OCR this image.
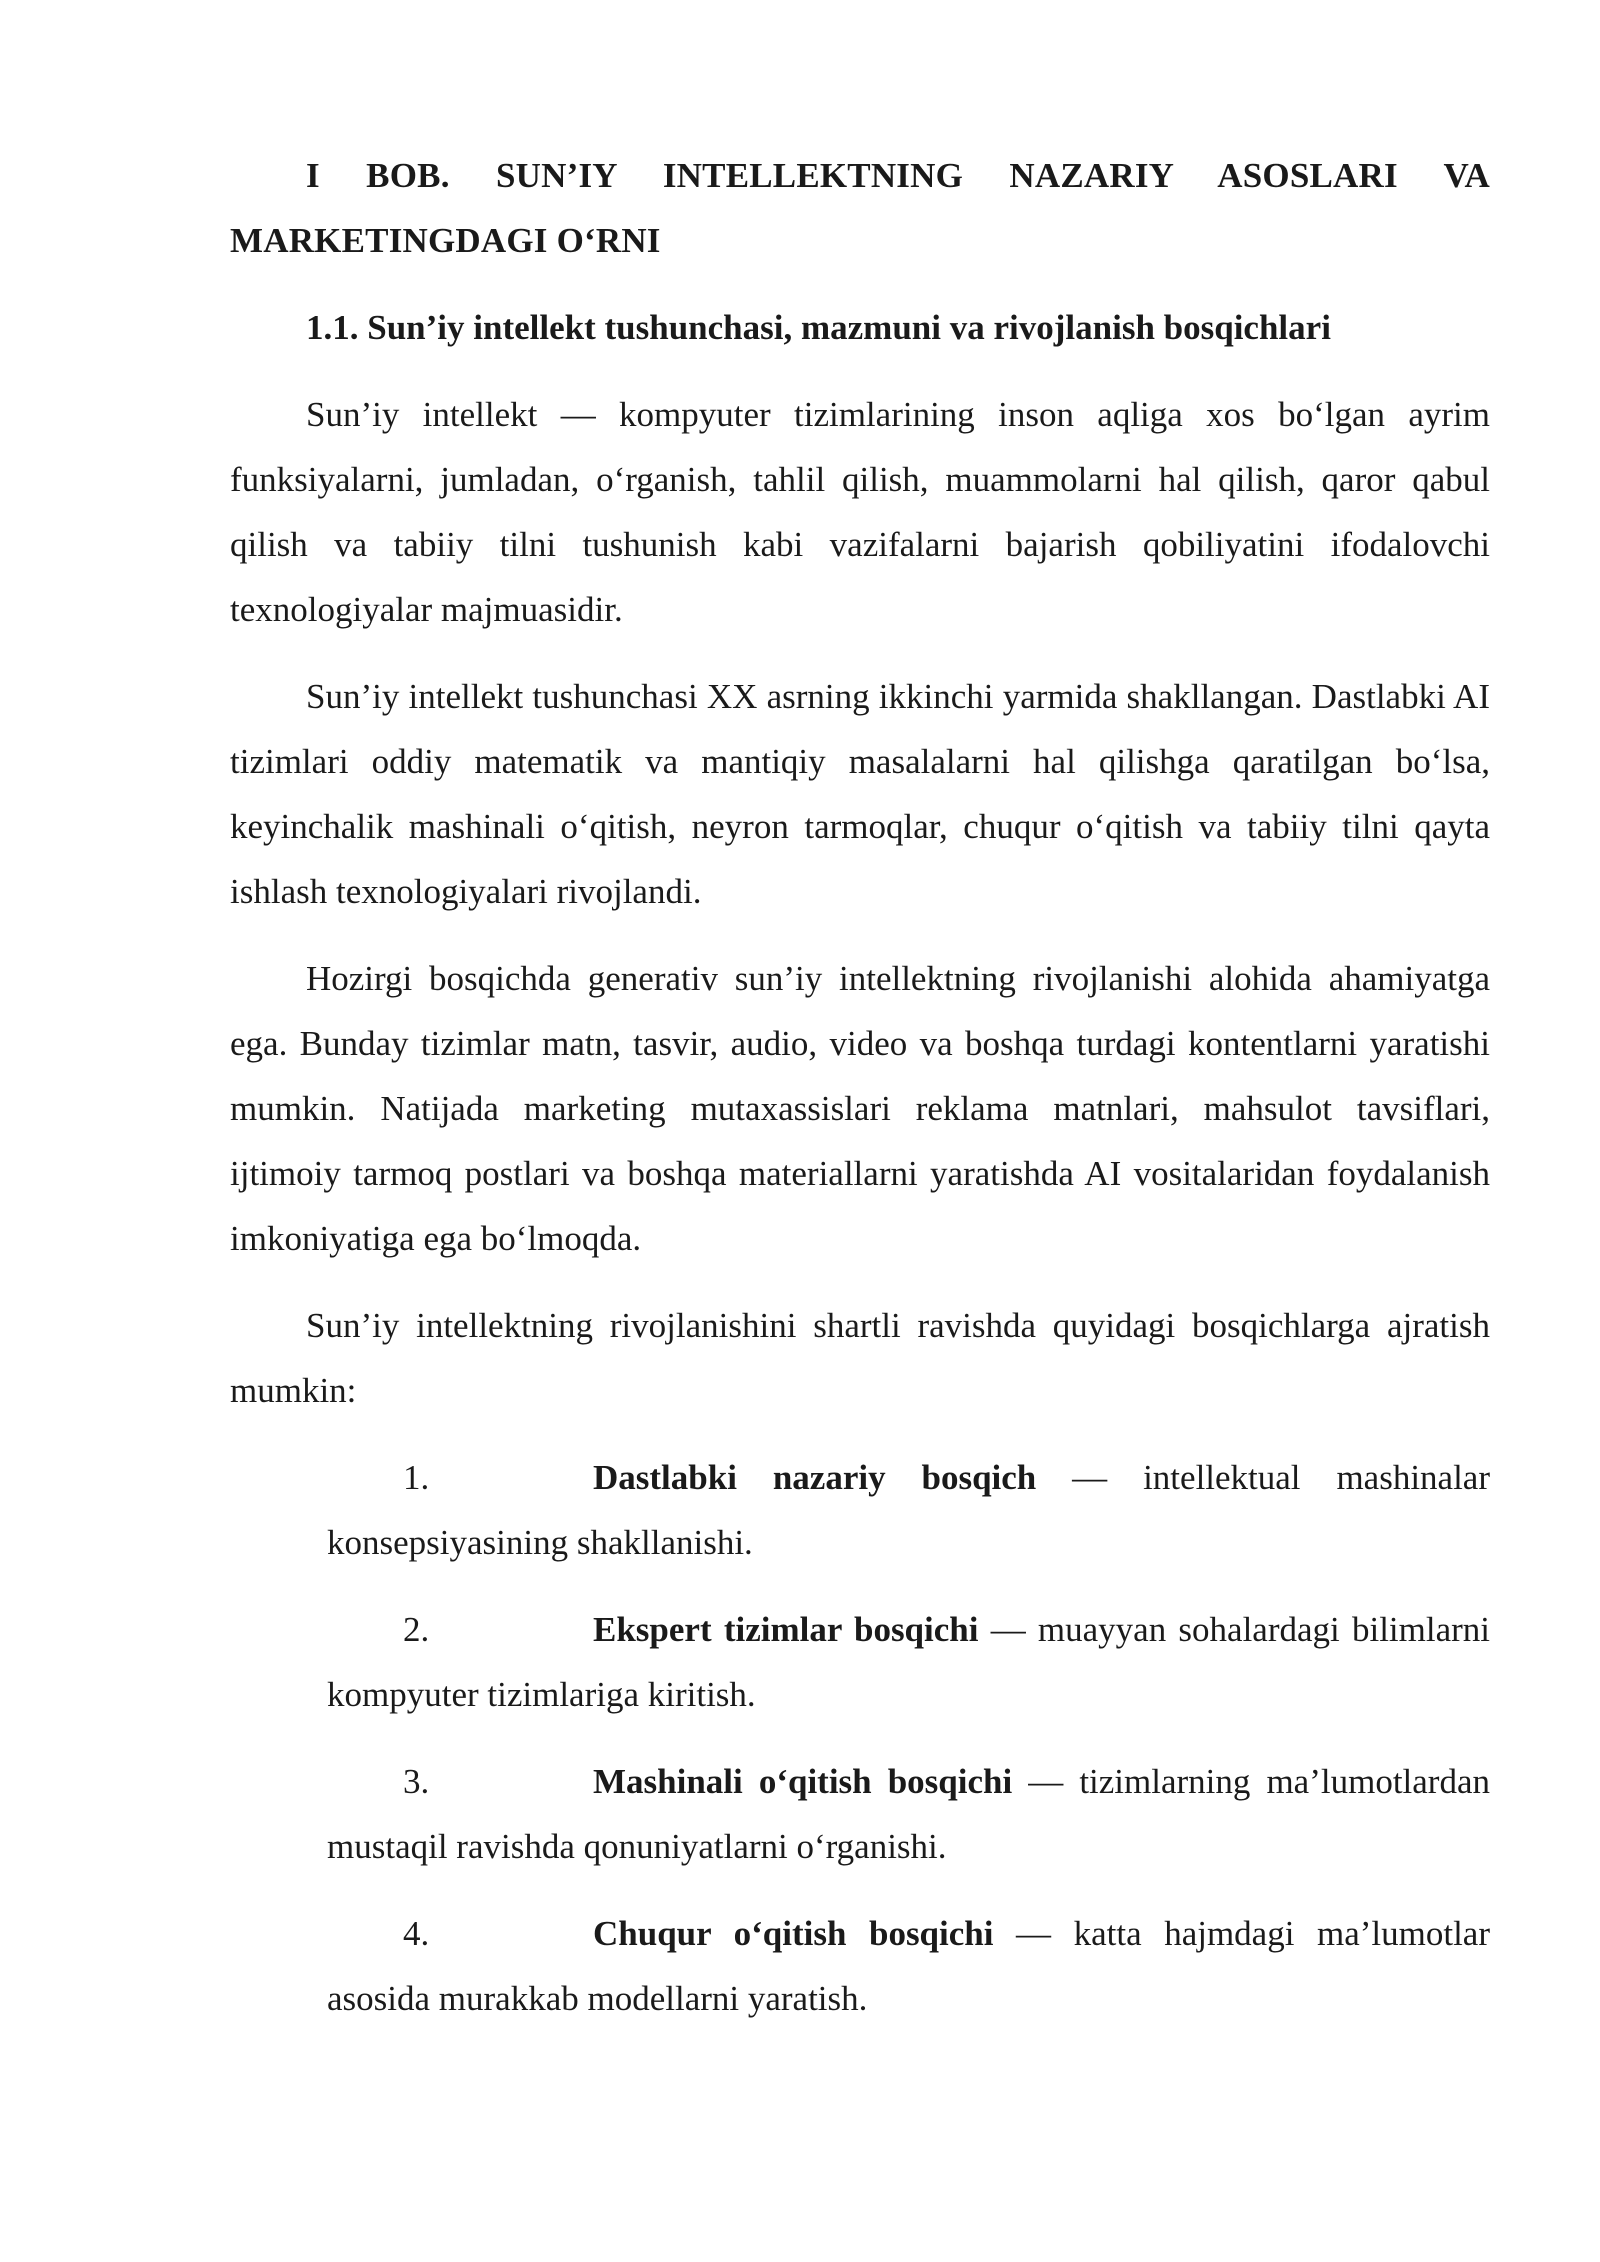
I BOB. SUN’IY INTELLEKTNING NAZARIY ASOSLARI VA MARKETINGDAGI O‘RNI

1.1. Sun’iy intellekt tushunchasi, mazmuni va rivojlanish bosqichlari

Sun’iy intellekt — kompyuter tizimlarining inson aqliga xos bo‘lgan ayrim funksiyalarni, jumladan, o‘rganish, tahlil qilish, muammolarni hal qilish, qaror qabul qilish va tabiiy tilni tushunish kabi vazifalarni bajarish qobiliyatini ifodalovchi texnologiyalar majmuasidir.

Sun’iy intellekt tushunchasi XX asrning ikkinchi yarmida shakllangan. Dastlabki AI tizimlari oddiy matematik va mantiqiy masalalarni hal qilishga qaratilgan bo‘lsa, keyinchalik mashinali o‘qitish, neyron tarmoqlar, chuqur o‘qitish va tabiiy tilni qayta ishlash texnologiyalari rivojlandi.

Hozirgi bosqichda generativ sun’iy intellektning rivojlanishi alohida ahamiyatga ega. Bunday tizimlar matn, tasvir, audio, video va boshqa turdagi kontentlarni yaratishi mumkin. Natijada marketing mutaxassislari reklama matnlari, mahsulot tavsiflari, ijtimoiy tarmoq postlari va boshqa materiallarni yaratishda AI vositalaridan foydalanish imkoniyatiga ega bo‘lmoqda.

Sun’iy intellektning rivojlanishini shartli ravishda quyidagi bosqichlarga ajratish mumkin:

1.	Dastlabki nazariy bosqich — intellektual mashinalar konsepsiyasining shakllanishi.
2.	Ekspert tizimlar bosqichi — muayyan sohalardagi bilimlarni kompyuter tizimlariga kiritish.
3.	Mashinali o‘qitish bosqichi — tizimlarning ma’lumotlardan mustaqil ravishda qonuniyatlarni o‘rganishi.
4.	Chuqur o‘qitish bosqichi — katta hajmdagi ma’lumotlar asosida murakkab modellarni yaratish.
